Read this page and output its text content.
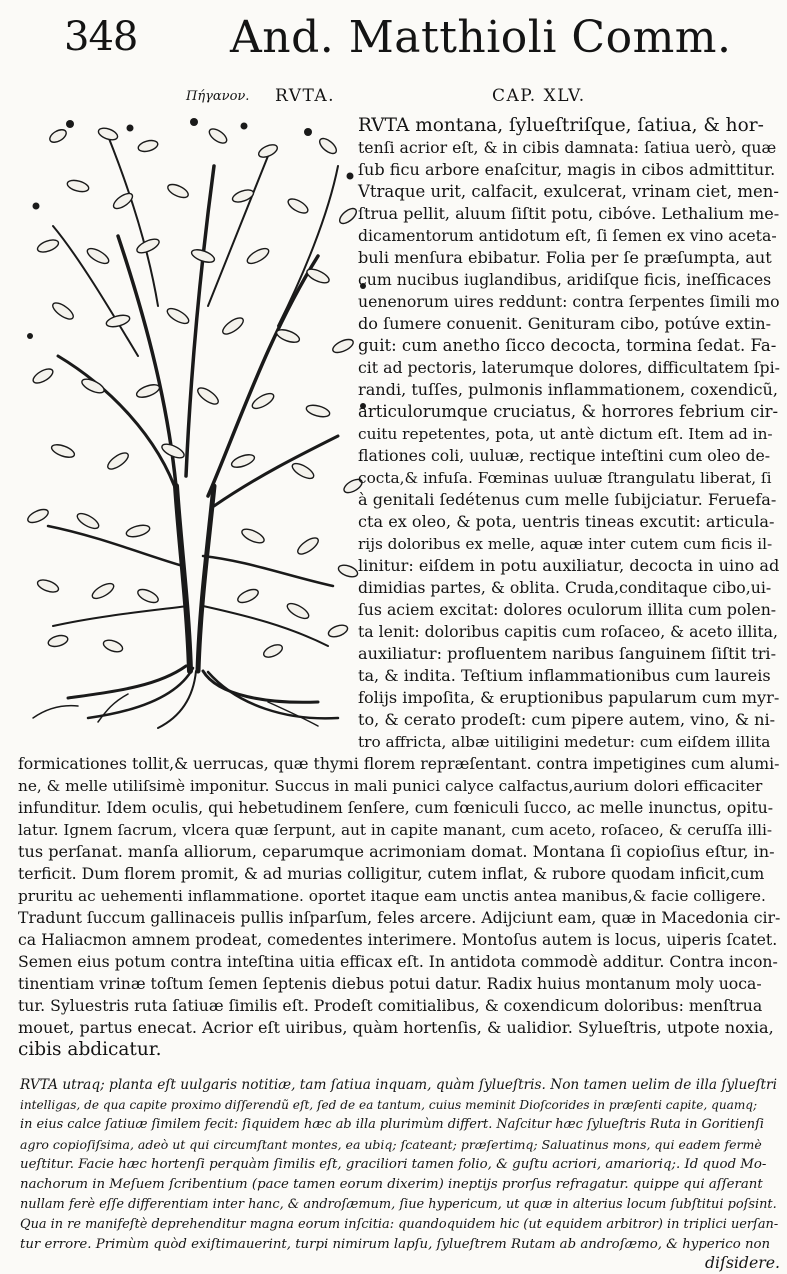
348 And. Matthioli Comm.
Πήγανον. RVTA.	CAP. XLV.
RVTA montana, ſylueſtriſque, ſatiua, & hor-
tenſi acrior eſt, & in cibis damnata: ſatiua uerò, quæ
ſub ficu arbore enaſcitur, magis in cibos admittitur.
Vtraque urit, calfacit, exulcerat, vrinam ciet, men-
ſtrua pellit, aluum ſiſtit potu, cibóve. Lethalium me-
dicamentorum antidotum eſt, ſi ſemen ex vino aceta-
buli menſura ebibatur. Folia per ſe præſumpta, aut
cum nucibus iuglandibus, aridiſque ficis, ineſficaces
uenenorum uires reddunt: contra ſerpentes ſimili mo
do ſumere conuenit. Genituram cibo, potúve extin-
guit: cum anetho ſicco decocta, tormina ſedat. Fa-
cit ad pectoris, laterumque dolores, difficultatem ſpi-
randi, tuſſes, pulmonis inflammationem, coxendicũ,
articulorumque cruciatus, & horrores febrium cir-
cuitu repetentes, pota, ut antè dictum eſt. Item ad in-
flationes coli, uuluæ, rectique inteſtini cum oleo de-
cocta,& infuſa. Fœminas uuluæ ſtrangulatu liberat, ſi
à genitali ſedétenus cum melle ſubijciatur. Feruefa-
cta ex oleo, & pota, uentris tineas excutit: articula-
rijs doloribus ex melle, aquæ inter cutem cum ficis il-
linitur: eiſdem in potu auxiliatur, decocta in uino ad
dimidias partes, & oblita. Cruda,conditaque cibo,ui-
ſus aciem excitat: dolores oculorum illita cum polen-
ta lenit: doloribus capitis cum roſaceo, & aceto illita,
auxiliatur: profluentem naribus ſanguinem ſiſtit tri-
ta, & indita. Teſtium inflammationibus cum laureis
folijs impoſita, & eruptionibus papularum cum myr-
to, & cerato prodeſt: cum pipere autem, vino, & ni-
tro affricta, albæ uitiligini medetur: cum eiſdem illita
formicationes tollit,& uerrucas, quæ thymi florem repræſentant. contra impetigines cum alumi-
ne, & melle utiliſsimè imponitur. Succus in mali punici calyce calfactus,aurium dolori efficaciter
infunditur. Idem oculis, qui hebetudinem ſenſere, cum fœniculi ſucco, ac melle inunctus, opitu-
latur. Ignem ſacrum, vlcera quæ ſerpunt, aut in capite manant, cum aceto, roſaceo, & ceruſſa illi-
tus perſanat. manſa alliorum, ceparumque acrimoniam domat. Montana ſi copioſius eſtur, in-
terficit. Dum florem promit, & ad murias colligitur, cutem inflat, & rubore quodam inficit,cum
pruritu ac uehementi inflammatione. oportet itaque eam unctis antea manibus,& facie colligere.
Tradunt ſuccum gallinaceis pullis inſparſum, feles arcere. Adijciunt eam, quæ in Macedonia cir-
ca Haliacmon amnem prodeat, comedentes interimere. Montoſus autem is locus, uiperis ſcatet.
Semen eius potum contra inteſtina uitia efficax eſt. In antidota commodè additur. Contra incon-
tinentiam vrinæ toſtum ſemen ſeptenis diebus potui datur. Radix huius montanum moly uoca-
tur. Syluestris ruta ſatiuæ ſimilis eſt. Prodeſt comitialibus, & coxendicum doloribus: menſtrua
mouet, partus enecat. Acrior eſt uiribus, quàm hortenſis, & ualidior. Sylueſtris, utpote noxia,
cibis abdicatur.
RVTA utraq; planta eſt uulgaris notitiæ, tam ſatiua inquam, quàm ſylueſtris. Non tamen uelim de illa ſylueſtri
intelligas, de qua capite proximo diſſerendũ eſt, ſed de ea tantum, cuius meminit Dioſcorides in præſenti capite, quamq;
in eius calce ſatiuæ ſimilem fecit: ſiquidem hæc ab illa plurimùm differt. Naſcitur hæc ſylueſtris Ruta in Goritienſi
agro copioſiſsima, adeò ut qui circumſtant montes, ea ubiq; ſcateant; præſertimq; Saluatinus mons, qui eadem fermè
ueſtitur. Facie hæc hortenſi perquàm ſimilis eſt, graciliori tamen folio, & guſtu acriori, amarioriq;. Id quod Mo-
nachorum in Meſuem ſcribentium (pace tamen eorum dixerim) ineptijs prorſus refragatur. quippe qui aſſerant
nullam ferè eſſe differentiam inter hanc, & androſæmum, ſiue hypericum, ut quæ in alterius locum ſubſtitui poſsint.
Qua in re manifeſtè deprehenditur magna eorum inſcitia: quandoquidem hic (ut equidem arbitror) in triplici uerſan-
tur errore. Primùm quòd exiſtimauerint, turpi nimirum lapſu, ſylueſtrem Rutam ab androſæmo, & hyperico non
diſsidere.
